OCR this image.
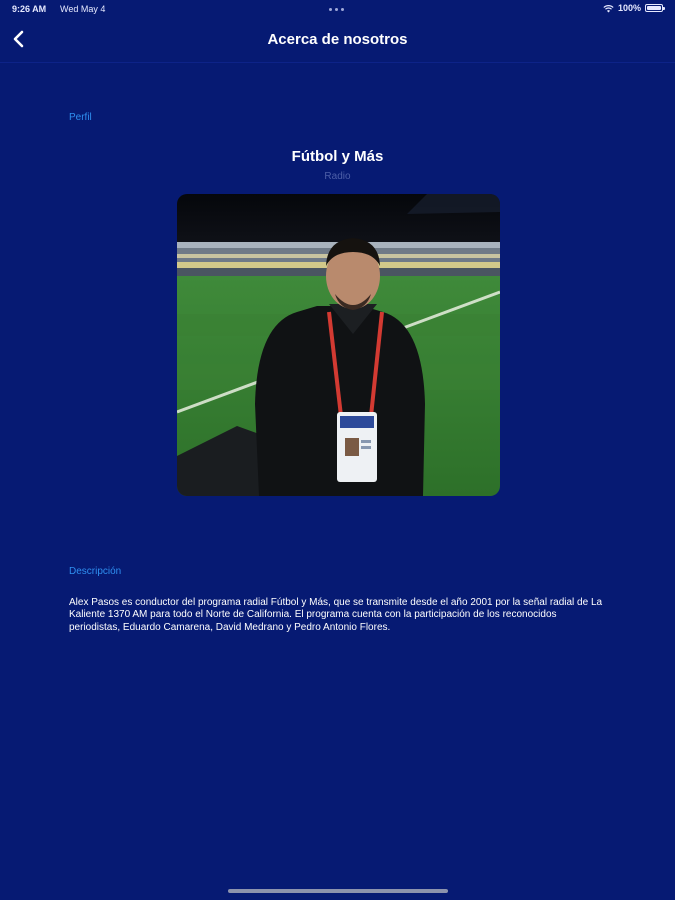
9:26 AM Wed May 4	100%
Acerca de nosotros
Perfil
Fútbol y Más
Radio
Descripción
Alex Pasos es conductor del programa radial Fútbol y Más, que se transmite desde el año 2001 por la señal radial de La Kaliente 1370 AM para todo el Norte de California. El programa cuenta con la participación de los reconocidos periodistas, Eduardo Camarena, David Medrano y Pedro Antonio Flores.
